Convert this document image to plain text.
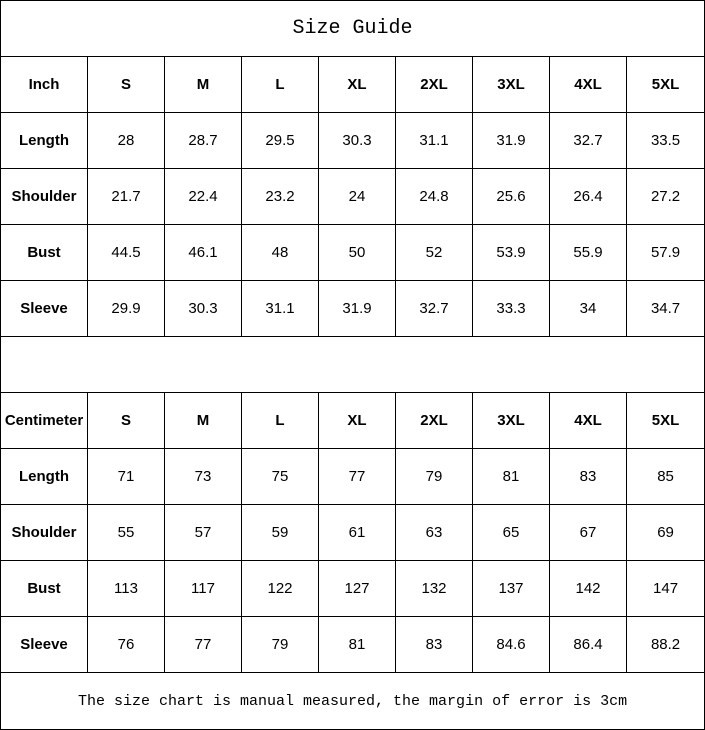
Size Guide								
Inch	S	M	L	XL	2XL	3XL	4XL	5XL
Length	28	28.7	29.5	30.3	31.1	31.9	32.7	33.5
Shoulder	21.7	22.4	23.2	24	24.8	25.6	26.4	27.2
Bust	44.5	46.1	48	50	52	53.9	55.9	57.9
Sleeve	29.9	30.3	31.1	31.9	32.7	33.3	34	34.7

Centimeter	S	M	L	XL	2XL	3XL	4XL	5XL
Length	71	73	75	77	79	81	83	85
Shoulder	55	57	59	61	63	65	67	69
Bust	113	117	122	127	132	137	142	147
Sleeve	76	77	79	81	83	84.6	86.4	88.2
The size chart is manual measured, the margin of error is 3cm								
